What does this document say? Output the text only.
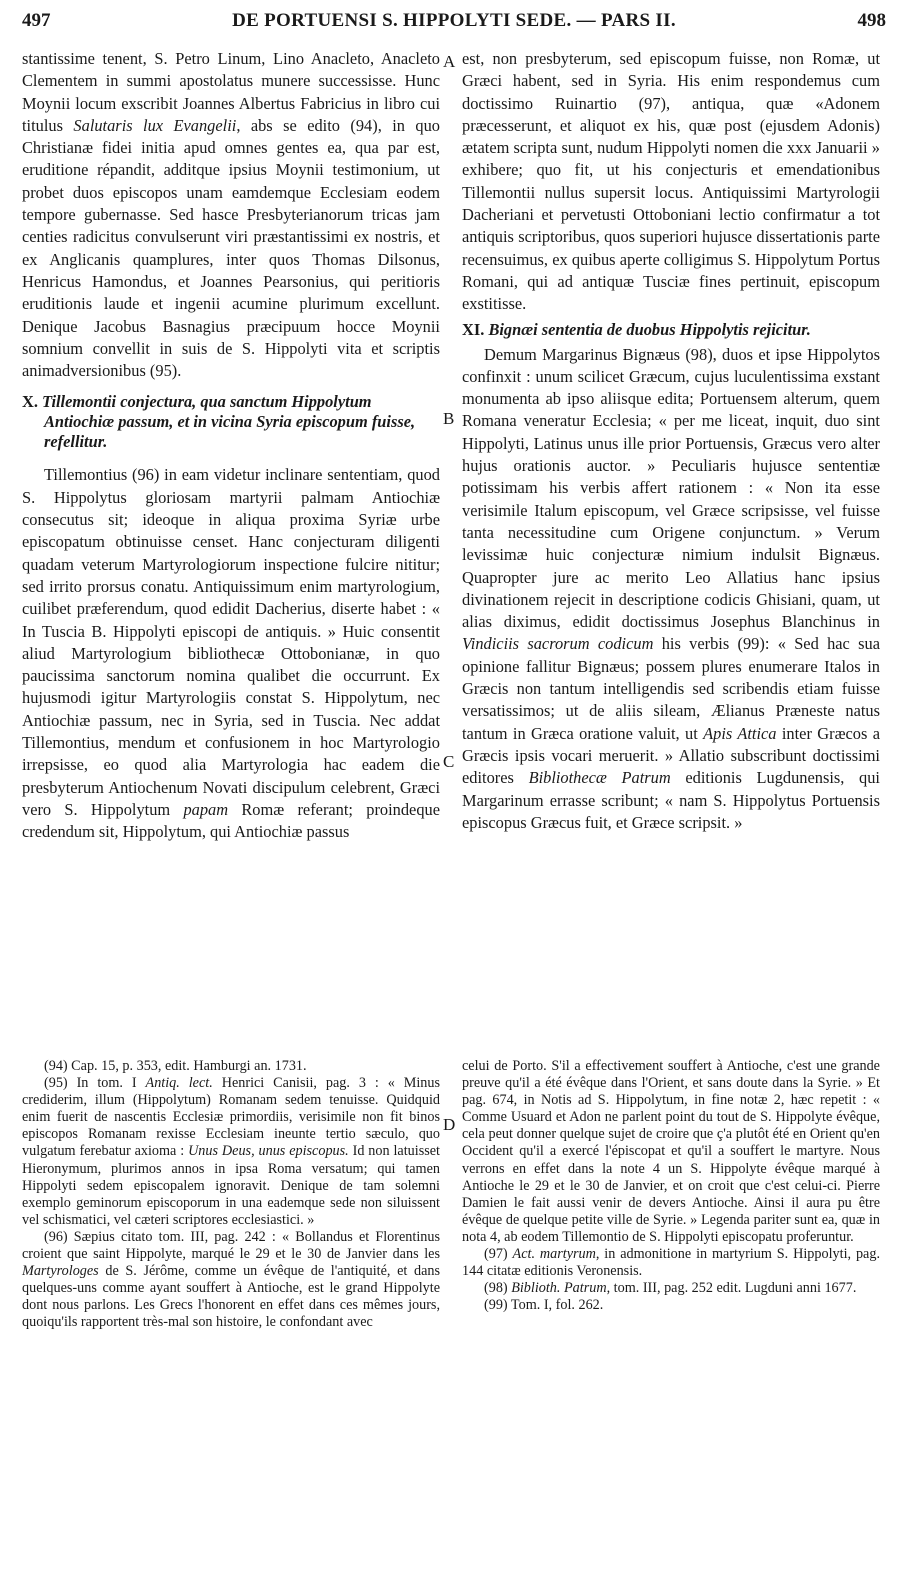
497	DE PORTUENSI S. HIPPOLYTI SEDE. — PARS II.	498
A
B
C
D

stantissime tenent, S. Petro Linum, Lino Anacleto, Anacleto Clementem in summi apostolatus munere successisse. Hunc Moynii locum exscribit Joannes Albertus Fabricius in libro cui titulus Salutaris lux Evangelii, abs se edito (94), in quo Christianæ fidei initia apud omnes gentes ea, qua par est, eruditione répandit, additque ipsius Moynii testimonium, ut probet duos episcopos unam eamdemque Ecclesiam eodem tempore gubernasse. Sed hasce Presbyterianorum tricas jam centies radicitus convulserunt viri præstantissimi ex nostris, et ex Anglicanis quamplures, inter quos Thomas Dilsonus, Henricus Hamondus, et Joannes Pearsonius, qui peritioris eruditionis laude et ingenii acumine plurimum excellunt. Denique Jacobus Basnagius præcipuum hocce Moynii somnium convellit in suis de S. Hippolyti vita et scriptis animadversionibus (95).

X. Tillemontii conjectura, qua sanctum Hippolytum Antiochiæ passum, et in vicina Syria episcopum fuisse, refellitur.

Tillemontius (96) in eam videtur inclinare sententiam, quod S. Hippolytus gloriosam martyrii palmam Antiochiæ consecutus sit; ideoque in aliqua proxima Syriæ urbe episcopatum obtinuisse censet. Hanc conjecturam diligenti quadam veterum Martyrologiorum inspectione fulcire nititur; sed irrito prorsus conatu. Antiquissimum enim martyrologium, cuilibet præferendum, quod edidit Dacherius, diserte habet : « In Tuscia B. Hippolyti episcopi de antiquis. » Huic consentit aliud Martyrologium bibliothecæ Ottobonianæ, in quo paucissima sanctorum nomina qualibet die occurrunt. Ex hujusmodi igitur Martyrologiis constat S. Hippolytum, nec Antiochiæ passum, nec in Syria, sed in Tuscia. Nec addat Tillemontius, mendum et confusionem in hoc Martyrologio irrepsisse, eo quod alia Martyrologia hac eadem die presbyterum Antiochenum Novati discipulum celebrent, Græci vero S. Hippolytum papam Romæ referant; proindeque credendum sit, Hippolytum, qui Antiochiæ passus

est, non presbyterum, sed episcopum fuisse, non Romæ, ut Græci habent, sed in Syria. His enim respondemus cum doctissimo Ruinartio (97), antiqua, quæ «Adonem præcesserunt, et aliquot ex his, quæ post (ejusdem Adonis) ætatem scripta sunt, nudum Hippolyti nomen die xxx Januarii » exhibere; quo fit, ut his conjecturis et emendationibus Tillemontii nullus supersit locus. Antiquissimi Martyrologii Dacheriani et pervetusti Ottoboniani lectio confirmatur a tot antiquis scriptoribus, quos superiori hujusce dissertationis parte recensuimus, ex quibus aperte colligimus S. Hippolytum Portus Romani, qui ad antiquæ Tusciæ fines pertinuit, episcopum exstitisse.

XI. Bignæi sententia de duobus Hippolytis rejicitur.

Demum Margarinus Bignæus (98), duos et ipse Hippolytos confinxit : unum scilicet Græcum, cujus luculentissima exstant monumenta ab ipso aliisque edita; Portuensem alterum, quem Romana veneratur Ecclesia; « per me liceat, inquit, duo sint Hippolyti, Latinus unus ille prior Portuensis, Græcus vero alter hujus orationis auctor. » Peculiaris hujusce sententiæ potissimam his verbis affert rationem : « Non ita esse verisimile Italum episcopum, vel Græce scripsisse, vel fuisse tanta necessitudine cum Origene conjunctum. » Verum levissimæ huic conjecturæ nimium indulsit Bignæus. Quapropter jure ac merito Leo Allatius hanc ipsius divinationem rejecit in descriptione codicis Ghisiani, quam, ut alias diximus, edidit doctissimus Josephus Blanchinus in Vindiciis sacrorum codicum his verbis (99): « Sed hac sua opinione fallitur Bignæus; possem plures enumerare Italos in Græcis non tantum intelligendis sed scribendis etiam fuisse versatissimos; ut de aliis sileam, Ælianus Præneste natus tantum in Græca oratione valuit, ut Apis Attica inter Græcos a Græcis ipsis vocari meruerit. » Allatio subscribunt doctissimi editores Bibliothecæ Patrum editionis Lugdunensis, qui Margarinum errasse scribunt; « nam S. Hippolytus Portuensis episcopus Græcus fuit, et Græce scripsit. »

(94) Cap. 15, p. 353, edit. Hamburgi an. 1731.

(95) In tom. I Antiq. lect. Henrici Canisii, pag. 3 : « Minus crediderim, illum (Hippolytum) Romanam sedem tenuisse. Quidquid enim fuerit de nascentis Ecclesiæ primordiis, verisimile non fit binos episcopos Romanam rexisse Ecclesiam ineunte tertio sæculo, quo vulgatum ferebatur axioma : Unus Deus, unus episcopus. Id non latuisset Hieronymum, plurimos annos in ipsa Roma versatum; qui tamen Hippolyti sedem episcopalem ignoravit. Denique de tam solemni exemplo geminorum episcoporum in una eademque sede non siluissent vel schismatici, vel cæteri scriptores ecclesiastici. »

(96) Sæpius citato tom. III, pag. 242 : « Bollandus et Florentinus croient que saint Hippolyte, marqué le 29 et le 30 de Janvier dans les Martyrologes de S. Jérôme, comme un évêque de l'antiquité, et dans quelques-uns comme ayant souffert à Antioche, est le grand Hippolyte dont nous parlons. Les Grecs l'honorent en effet dans ces mêmes jours, quoiqu'ils rapportent très-mal son histoire, le confondant avec

celui de Porto. S'il a effectivement souffert à Antioche, c'est une grande preuve qu'il a été évêque dans l'Orient, et sans doute dans la Syrie. » Et pag. 674, in Notis ad S. Hippolytum, in fine notæ 2, hæc repetit : « Comme Usuard et Adon ne parlent point du tout de S. Hippolyte évêque, cela peut donner quelque sujet de croire que ç'a plutôt été en Orient qu'en Occident qu'il a exercé l'épiscopat et qu'il a souffert le martyre. Nous verrons en effet dans la note 4 un S. Hippolyte évêque marqué à Antioche le 29 et le 30 de Janvier, et on croit que c'est celui-ci. Pierre Damien le fait aussi venir de devers Antioche. Ainsi il aura pu être évêque de quelque petite ville de Syrie. » Legenda pariter sunt ea, quæ in nota 4, ab eodem Tillemontio de S. Hippolyti episcopatu proferuntur.

(97) Act. martyrum, in admonitione in martyrium S. Hippolyti, pag. 144 citatæ editionis Veronensis.

(98) Biblioth. Patrum, tom. III, pag. 252 edit. Lugduni anni 1677.

(99) Tom. I, fol. 262.
